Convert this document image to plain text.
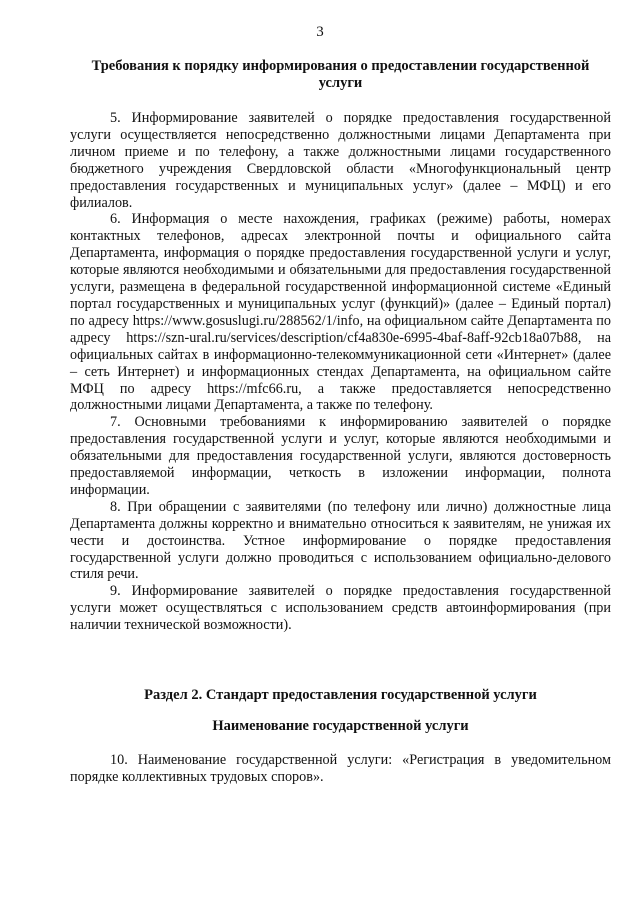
3
Требования к порядку информирования о предоставлении государственной услуги

5. Информирование заявителей о порядке предоставления государственной услуги осуществляется непосредственно должностными лицами Департамента при личном приеме и по телефону, а также должностными лицами государственного бюджетного учреждения Свердловской области «Многофункциональный центр предоставления государственных и муниципальных услуг» (далее – МФЦ) и его филиалов.

6. Информация о месте нахождения, графиках (режиме) работы, номерах контактных телефонов, адресах электронной почты и официального сайта Департамента, информация о порядке предоставления государственной услуги и услуг, которые являются необходимыми и обязательными для предоставления государственной услуги, размещена в федеральной государственной информационной системе «Единый портал государственных и муниципальных услуг (функций)» (далее – Единый портал) по адресу https://www.gosuslugi.ru/288562/1/info, на официальном сайте Департамента по адресу https://szn-ural.ru/services/description/cf4a830e-6995-4baf-8aff-92cb18a07b88, на официальных сайтах в информационно-телекоммуникационной сети «Интернет» (далее – сеть Интернет) и информационных стендах Департамента, на официальном сайте МФЦ по адресу https://mfc66.ru, а также предоставляется непосредственно должностными лицами Департамента, а также по телефону.

7. Основными требованиями к информированию заявителей о порядке предоставления государственной услуги и услуг, которые являются необходимыми и обязательными для предоставления государственной услуги, являются достоверность предоставляемой информации, четкость в изложении информации, полнота информации.

8. При обращении с заявителями (по телефону или лично) должностные лица Департамента должны корректно и внимательно относиться к заявителям, не унижая их чести и достоинства. Устное информирование о порядке предоставления государственной услуги должно проводиться с использованием официально-делового стиля речи.

9. Информирование заявителей о порядке предоставления государственной услуги может осуществляться с использованием средств автоинформирования (при наличии технической возможности).

Раздел 2. Стандарт предоставления государственной услуги
Наименование государственной услуги

10. Наименование государственной услуги: «Регистрация в уведомительном порядке коллективных трудовых споров».
